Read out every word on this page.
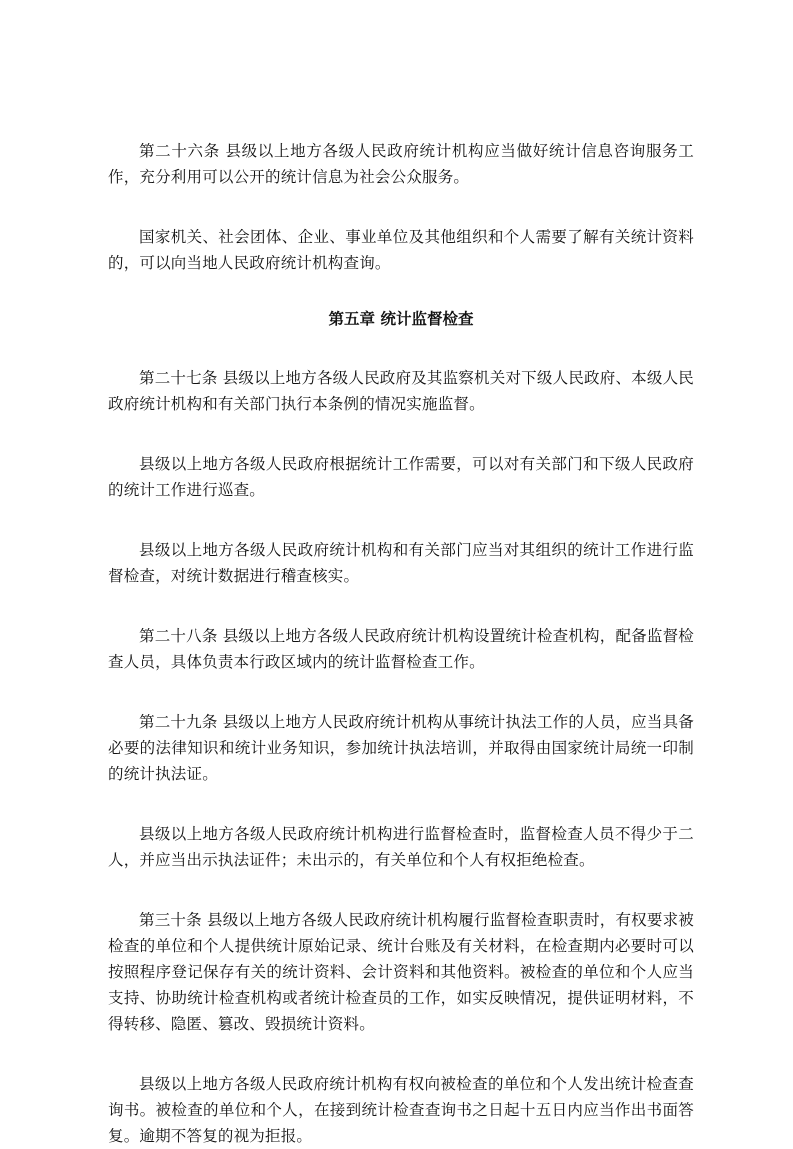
第二十六条 县级以上地方各级人民政府统计机构应当做好统计信息咨询服务工作，充分利用可以公开的统计信息为社会公众服务。

国家机关、社会团体、企业、事业单位及其他组织和个人需要了解有关统计资料的，可以向当地人民政府统计机构查询。

第五章 统计监督检查

第二十七条 县级以上地方各级人民政府及其监察机关对下级人民政府、本级人民政府统计机构和有关部门执行本条例的情况实施监督。

县级以上地方各级人民政府根据统计工作需要，可以对有关部门和下级人民政府的统计工作进行巡查。

县级以上地方各级人民政府统计机构和有关部门应当对其组织的统计工作进行监督检查，对统计数据进行稽查核实。

第二十八条 县级以上地方各级人民政府统计机构设置统计检查机构，配备监督检查人员，具体负责本行政区域内的统计监督检查工作。

第二十九条 县级以上地方人民政府统计机构从事统计执法工作的人员，应当具备必要的法律知识和统计业务知识，参加统计执法培训，并取得由国家统计局统一印制的统计执法证。

县级以上地方各级人民政府统计机构进行监督检查时，监督检查人员不得少于二人，并应当出示执法证件；未出示的，有关单位和个人有权拒绝检查。

第三十条 县级以上地方各级人民政府统计机构履行监督检查职责时，有权要求被检查的单位和个人提供统计原始记录、统计台账及有关材料，在检查期内必要时可以按照程序登记保存有关的统计资料、会计资料和其他资料。被检查的单位和个人应当支持、协助统计检查机构或者统计检查员的工作，如实反映情况，提供证明材料，不得转移、隐匿、篡改、毁损统计资料。

县级以上地方各级人民政府统计机构有权向被检查的单位和个人发出统计检查查询书。被检查的单位和个人，在接到统计检查查询书之日起十五日内应当作出书面答复。逾期不答复的视为拒报。
